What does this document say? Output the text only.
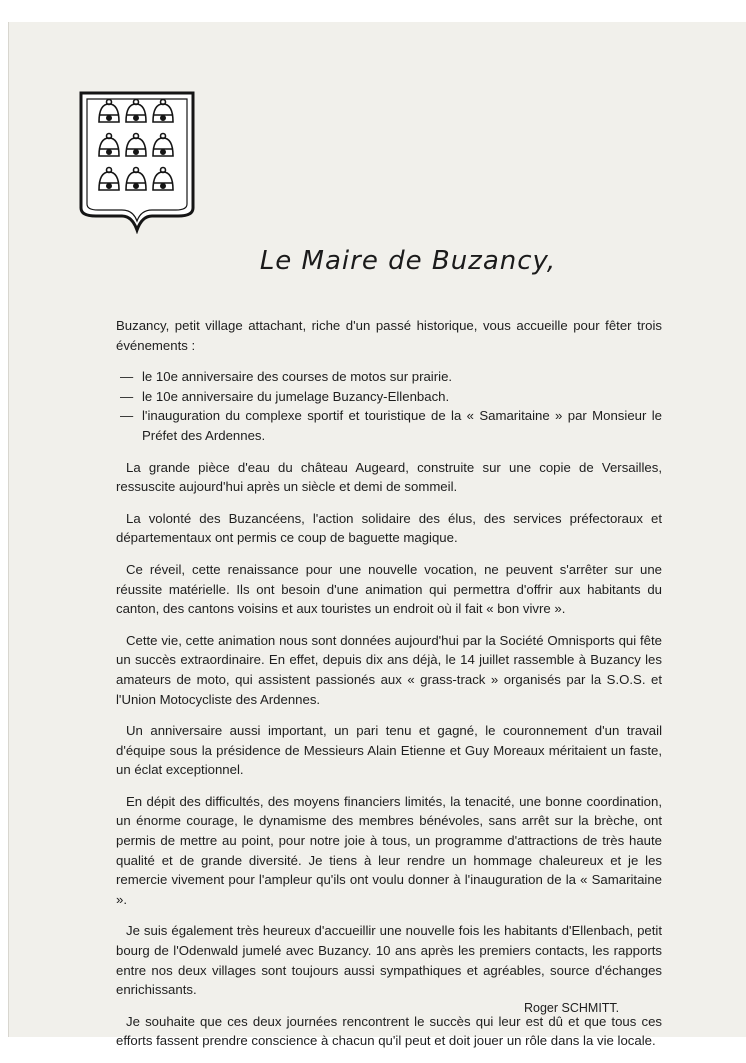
Le Maire de Buzancy,

Buzancy, petit village attachant, riche d'un passé historique, vous accueille pour fêter trois événements :

— le 10e anniversaire des courses de motos sur prairie.
— le 10e anniversaire du jumelage Buzancy-Ellenbach.
— l'inauguration du complexe sportif et touristique de la « Samaritaine » par Monsieur le Préfet des Ardennes.

La grande pièce d'eau du château Augeard, construite sur une copie de Versailles, ressuscite aujourd'hui après un siècle et demi de sommeil.

La volonté des Buzancéens, l'action solidaire des élus, des services préfectoraux et départementaux ont permis ce coup de baguette magique.

Ce réveil, cette renaissance pour une nouvelle vocation, ne peuvent s'arrêter sur une réussite matérielle. Ils ont besoin d'une animation qui permettra d'offrir aux habitants du canton, des cantons voisins et aux touristes un endroit où il fait « bon vivre ».

Cette vie, cette animation nous sont données aujourd'hui par la Société Omnisports qui fête un succès extraordinaire. En effet, depuis dix ans déjà, le 14 juillet rassemble à Buzancy les amateurs de moto, qui assistent passionés aux « grass-track » organisés par la S.O.S. et l'Union Motocycliste des Ardennes.

Un anniversaire aussi important, un pari tenu et gagné, le couronnement d'un travail d'équipe sous la présidence de Messieurs Alain Etienne et Guy Moreaux méritaient un faste, un éclat exceptionnel.

En dépit des difficultés, des moyens financiers limités, la tenacité, une bonne coordination, un énorme courage, le dynamisme des membres bénévoles, sans arrêt sur la brèche, ont permis de mettre au point, pour notre joie à tous, un programme d'attractions de très haute qualité et de grande diversité. Je tiens à leur rendre un hommage chaleureux et je les remercie vivement pour l'ampleur qu'ils ont voulu donner à l'inauguration de la « Samaritaine ».

Je suis également très heureux d'accueillir une nouvelle fois les habitants d'Ellenbach, petit bourg de l'Odenwald jumelé avec Buzancy. 10 ans après les premiers contacts, les rapports entre nos deux villages sont toujours aussi sympathiques et agréables, source d'échanges enrichissants.

Je souhaite que ces deux journées rencontrent le succès qui leur est dû et que tous ces efforts fassent prendre conscience à chacun qu'il peut et doit jouer un rôle dans la vie locale.

Roger SCHMITT.
